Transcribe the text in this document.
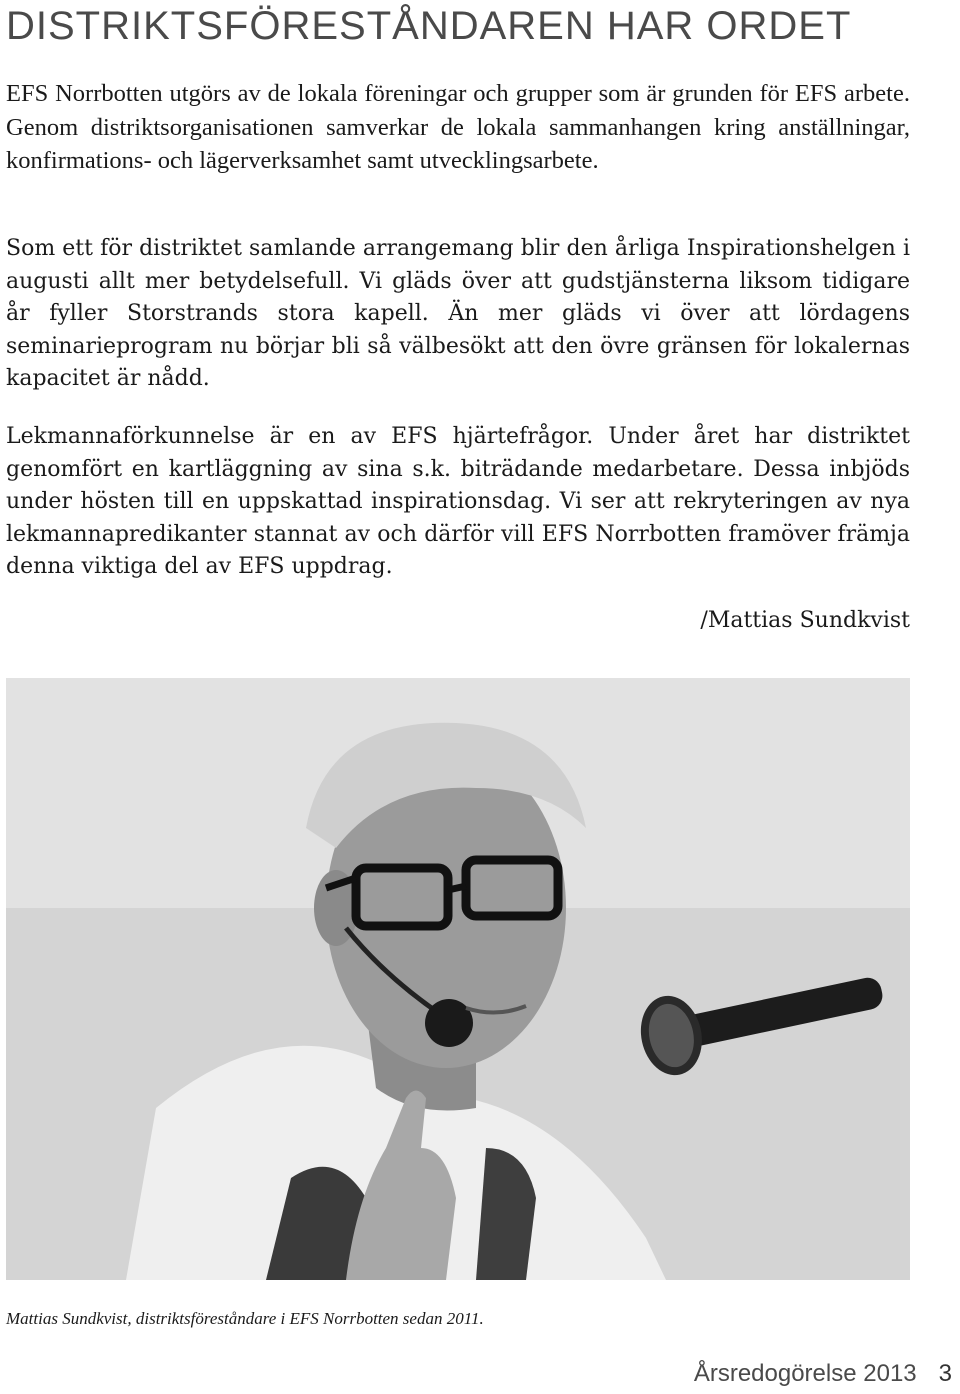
DISTRIKTSFÖRESTÅNDAREN HAR ORDET

EFS Norrbotten utgörs av de lokala föreningar och grupper som är grunden för EFS arbete. Genom distriktsorganisationen samverkar de lokala sammanhangen kring anställningar, konfirmations- och lägerverksamhet samt utvecklingsarbete.

Som ett för distriktet samlande arrangemang blir den årliga Inspirationshelgen i augusti allt mer betydelsefull. Vi gläds över att gudstjänsterna liksom tidigare år fyller Storstrands stora kapell. Än mer gläds vi över att lördagens seminarieprogram nu börjar bli så välbesökt att den övre gränsen för lokalernas kapacitet är nådd.

Lekmannaförkunnelse är en av EFS hjärtefrågor. Under året har distriktet genomfört en kartläggning av sina s.k. biträdande medarbetare. Dessa inbjöds under hösten till en uppskattad inspirationsdag. Vi ser att rekryteringen av nya lekmannapredikanter stannat av och därför vill EFS Norrbotten framöver främja denna viktiga del av EFS uppdrag.

/Mattias Sundkvist

Mattias Sundkvist, distriktsföreståndare i EFS Norrbotten sedan 2011.

Årsredogörelse 2013 3
